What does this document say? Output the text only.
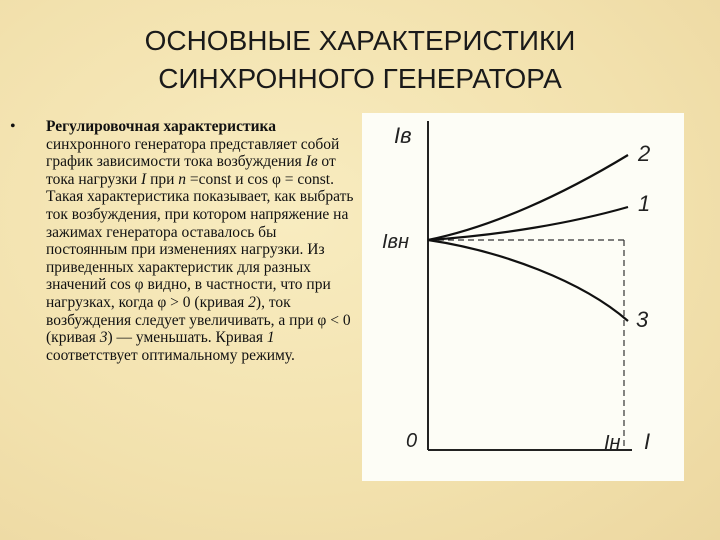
ОСНОВНЫЕ ХАРАКТЕРИСТИКИ
СИНХРОННОГО ГЕНЕРАТОРА
• Регулировочная характеристика синхронного генератора представляет собой график зависимости тока возбуждения Iв от тока нагрузки I при n =const и cos φ = const. Такая характеристика показывает, как выбрать ток возбуждения, при котором напряжение на зажимах генератора оставалось бы постоянным при изменениях нагрузки. Из приведенных характеристик для разных значений cos φ видно, в частности, что при нагрузках, когда φ > 0 (кривая 2), ток возбуждения следует увеличивать, а при φ < 0 (кривая 3) — уменьшать. Кривая 1 соответствует оптимальному режиму.
Iв
Iвн
0	Iн I
2
1
3
